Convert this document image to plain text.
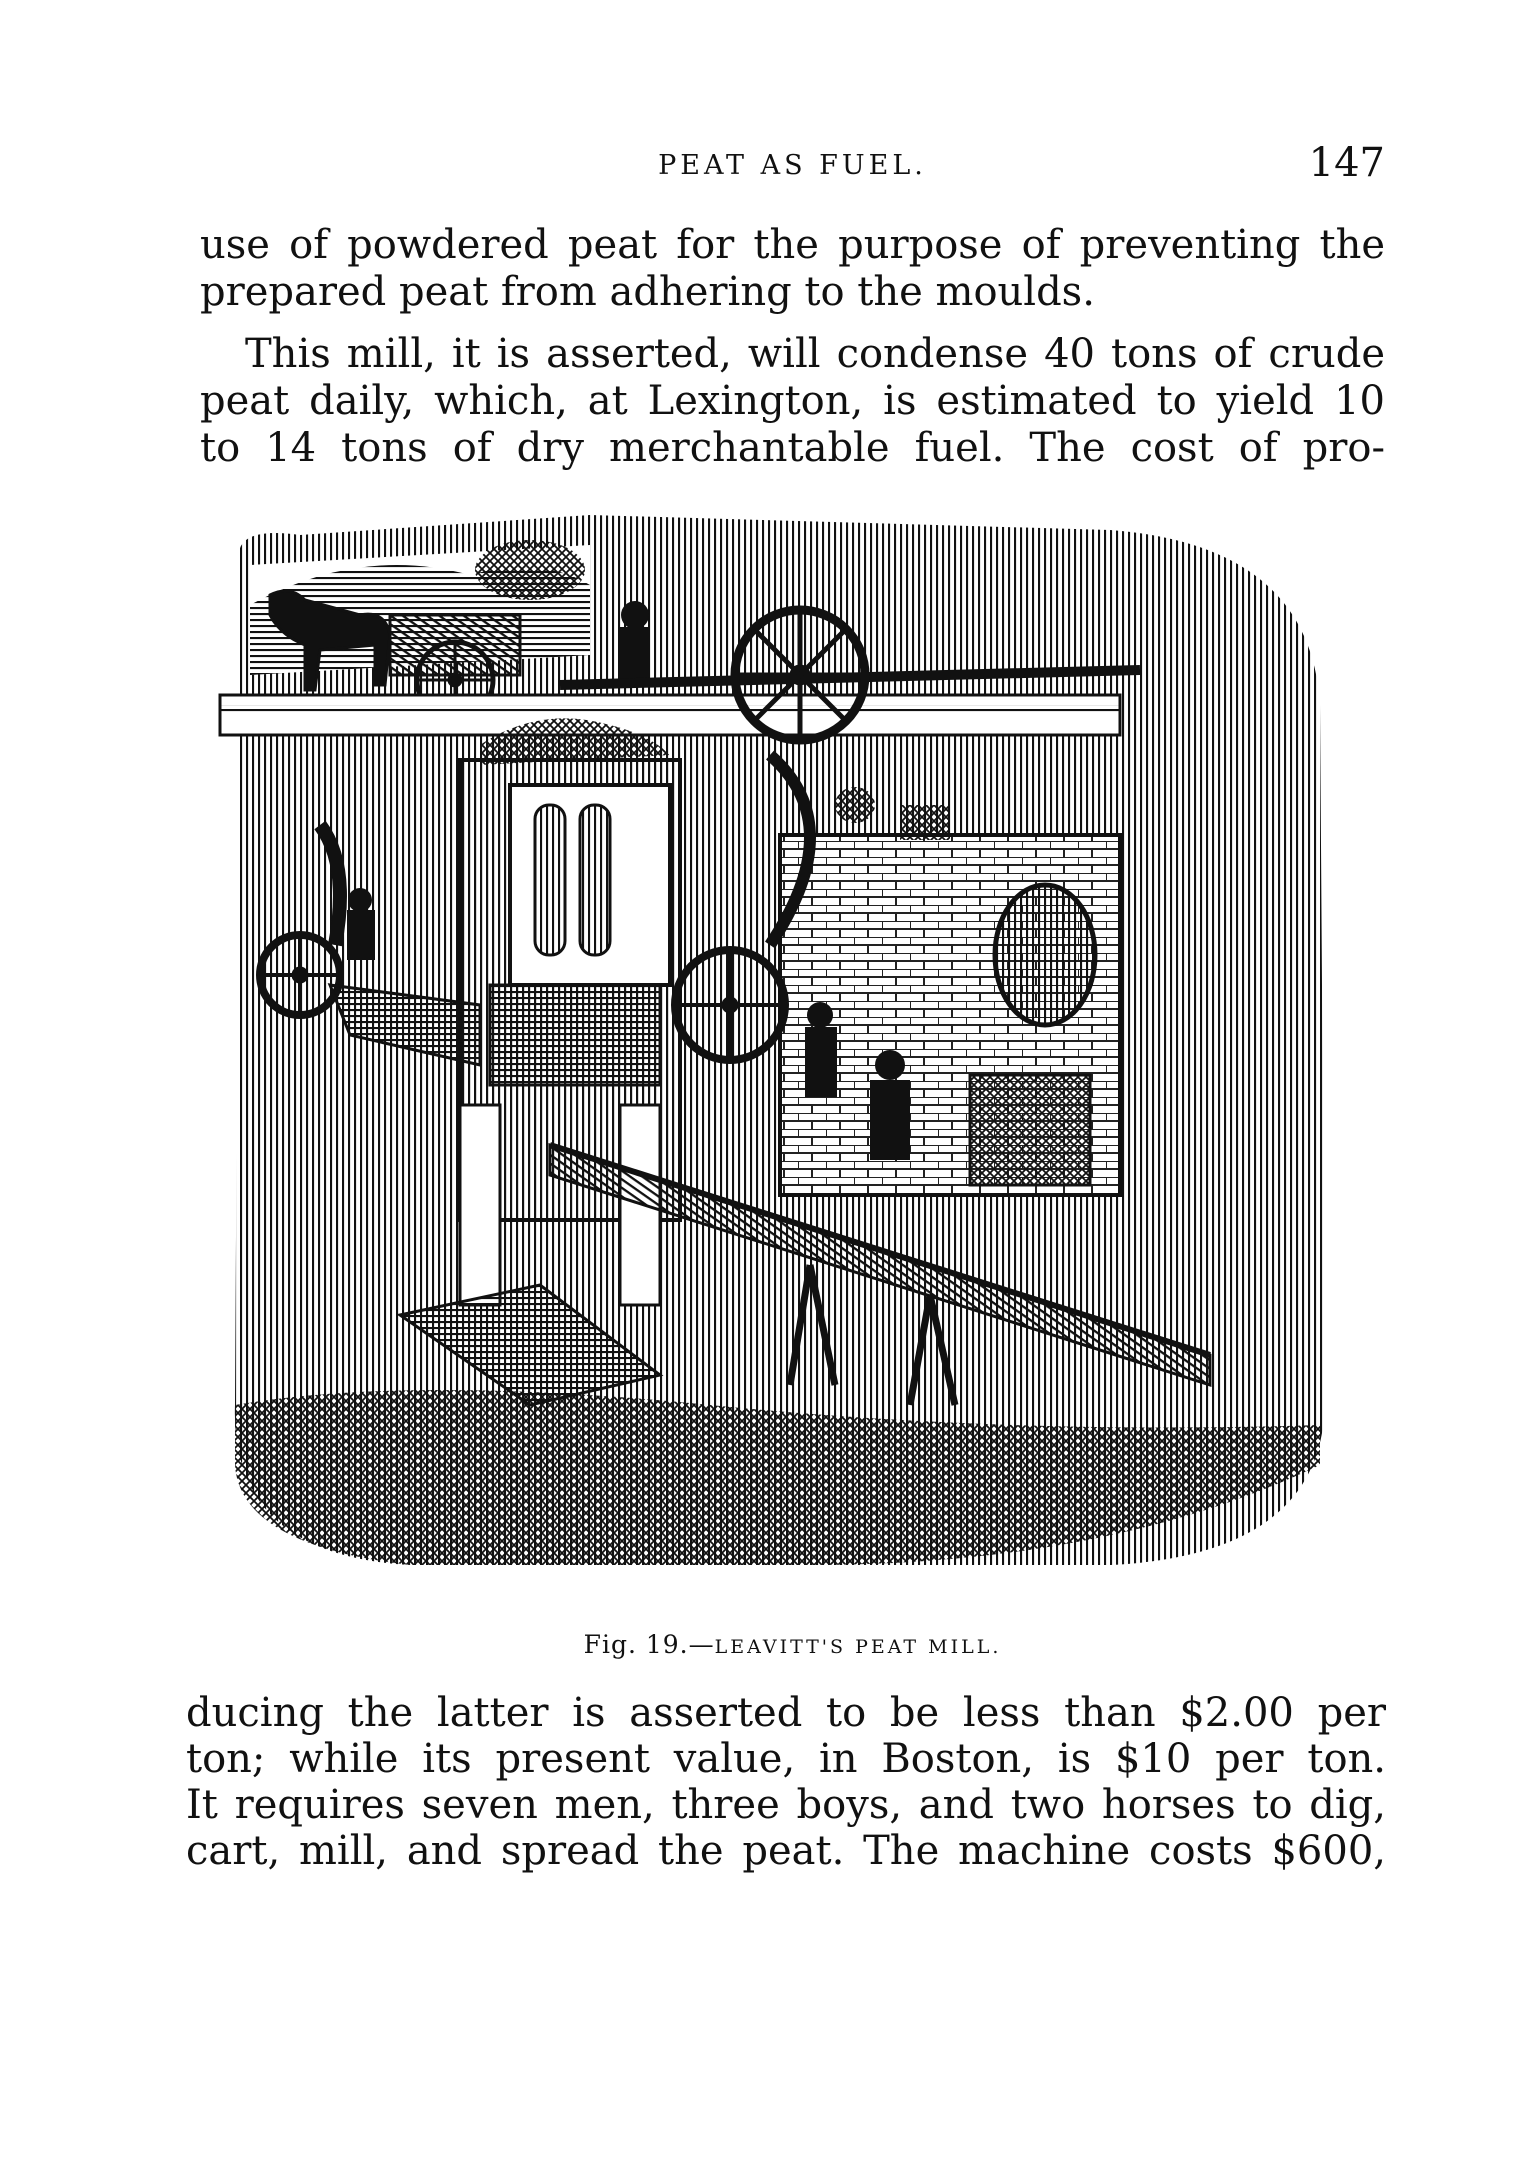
PEAT AS FUEL.	147

use of powdered peat for the purpose of preventing the
prepared peat from adhering to the moulds.

This mill, it is asserted, will condense 40 tons of crude
peat daily, which, at Lexington, is estimated to yield 10
to 14 tons of dry merchantable fuel. The cost of pro-

Fig. 19.—LEAVITT'S PEAT MILL.

ducing the latter is asserted to be less than $2.00 per
ton; while its present value, in Boston, is $10 per ton.
It requires seven men, three boys, and two horses to dig,
cart, mill, and spread the peat. The machine costs $600,
